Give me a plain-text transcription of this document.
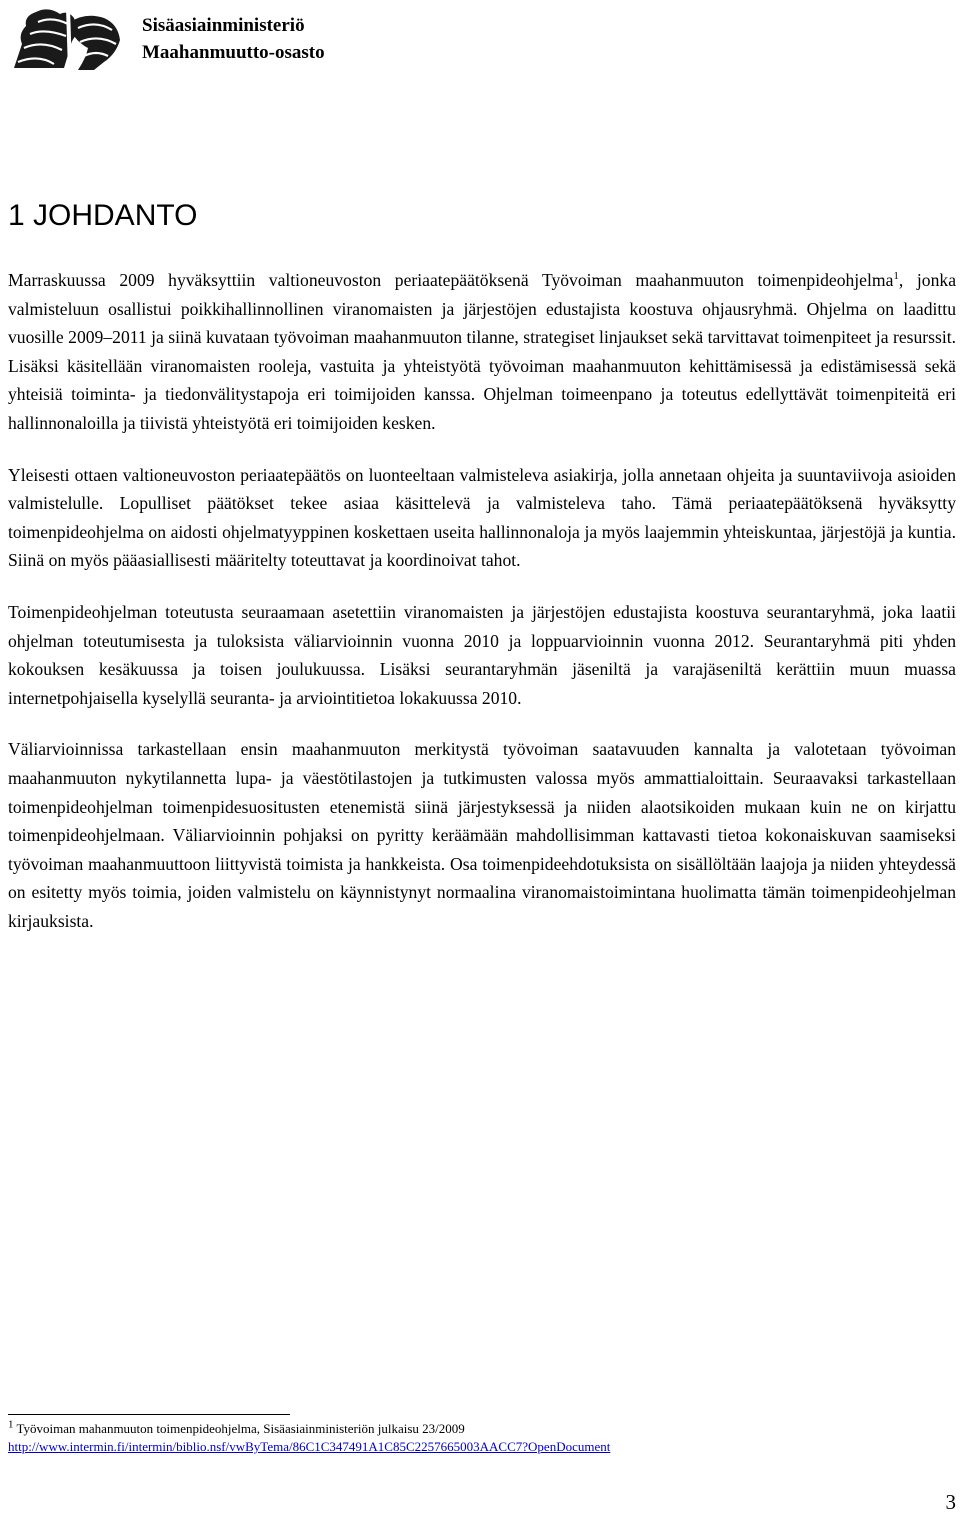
Sisäasiainministeriö
Maahanmuutto-osasto
1 JOHDANTO

Marraskuussa 2009 hyväksyttiin valtioneuvoston periaatepäätöksenä Työvoiman maahanmuuton toimenpideohjelma$^1$, jonka valmisteluun osallistui poikkihallinnollinen viranomaisten ja järjestöjen edustajista koostuva ohjausryhmä. Ohjelma on laadittu vuosille 2009–2011 ja siinä kuvataan työvoiman maahanmuuton tilanne, strategiset linjaukset sekä tarvittavat toimenpiteet ja resurssit. Lisäksi käsitellään viranomaisten rooleja, vastuita ja yhteistyötä työvoiman maahanmuuton kehittämisessä ja edistämisessä sekä yhteisiä toiminta- ja tiedonvälitystapoja eri toimijoiden kanssa. Ohjelman toimeenpano ja toteutus edellyttävät toimenpiteitä eri hallinnonaloilla ja tiivistä yhteistyötä eri toimijoiden kesken.

Yleisesti ottaen valtioneuvoston periaatepäätös on luonteeltaan valmisteleva asiakirja, jolla annetaan ohjeita ja suuntaviivoja asioiden valmistelulle. Lopulliset päätökset tekee asiaa käsittelevä ja valmisteleva taho. Tämä periaatepäätöksenä hyväksytty toimenpideohjelma on aidosti ohjelmatyyppinen koskettaen useita hallinnonaloja ja myös laajemmin yhteiskuntaa, järjestöjä ja kuntia. Siinä on myös pääasiallisesti määritelty toteuttavat ja koordinoivat tahot.

Toimenpideohjelman toteutusta seuraamaan asetettiin viranomaisten ja järjestöjen edustajista koostuva seurantaryhmä, joka laatii ohjelman toteutumisesta ja tuloksista väliarvioinnin vuonna 2010 ja loppuarvioinnin vuonna 2012. Seurantaryhmä piti yhden kokouksen kesäkuussa ja toisen joulukuussa. Lisäksi seurantaryhmän jäseniltä ja varajäseniltä kerättiin muun muassa internetpohjaisella kyselyllä seuranta- ja arviointitietoa lokakuussa 2010.

Väliarvioinnissa tarkastellaan ensin maahanmuuton merkitystä työvoiman saatavuuden kannalta ja valotetaan työvoiman maahanmuuton nykytilannetta lupa- ja väestötilastojen ja tutkimusten valossa myös ammattialoittain. Seuraavaksi tarkastellaan toimenpideohjelman toimenpidesuositusten etenemistä siinä järjestyksessä ja niiden alaotsikoiden mukaan kuin ne on kirjattu toimenpideohjelmaan. Väliarvioinnin pohjaksi on pyritty keräämään mahdollisimman kattavasti tietoa kokonaiskuvan saamiseksi työvoiman maahanmuuttoon liittyvistä toimista ja hankkeista. Osa toimenpideehdotuksista on sisällöltään laajoja ja niiden yhteydessä on esitetty myös toimia, joiden valmistelu on käynnistynyt normaalina viranomaistoimintana huolimatta tämän toimenpideohjelman kirjauksista.

$^1$ Työvoiman mahanmuuton toimenpideohjelma, Sisäasiainministeriön julkaisu 23/2009
http://www.intermin.fi/intermin/biblio.nsf/vwByTema/86C1C347491A1C85C2257665003AACC7?OpenDocument
3
